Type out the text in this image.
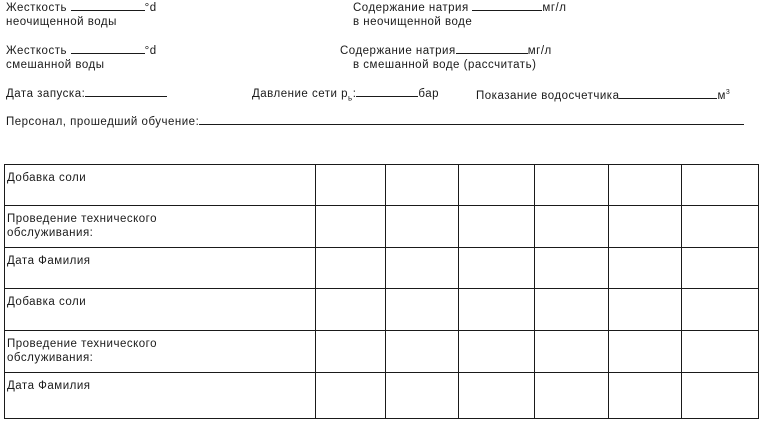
Жесткость	°d
неочищенной воды
Содержание натрия	мг/л
в неочищенной воде
Жесткость	°d
смешанной воды
Содержание натрия	мг/л
в смешанной воде (рассчитать)
Дата запуска:	Давление сети $p_ь$:	бар	Показание водосчетчика	$м^3$
Персонал, прошедший обучение:
Добавка соли						
Проведение технического обслуживания:						
Дата Фамилия						
Добавка соли						
Проведение технического обслуживания:						
Дата Фамилия						
